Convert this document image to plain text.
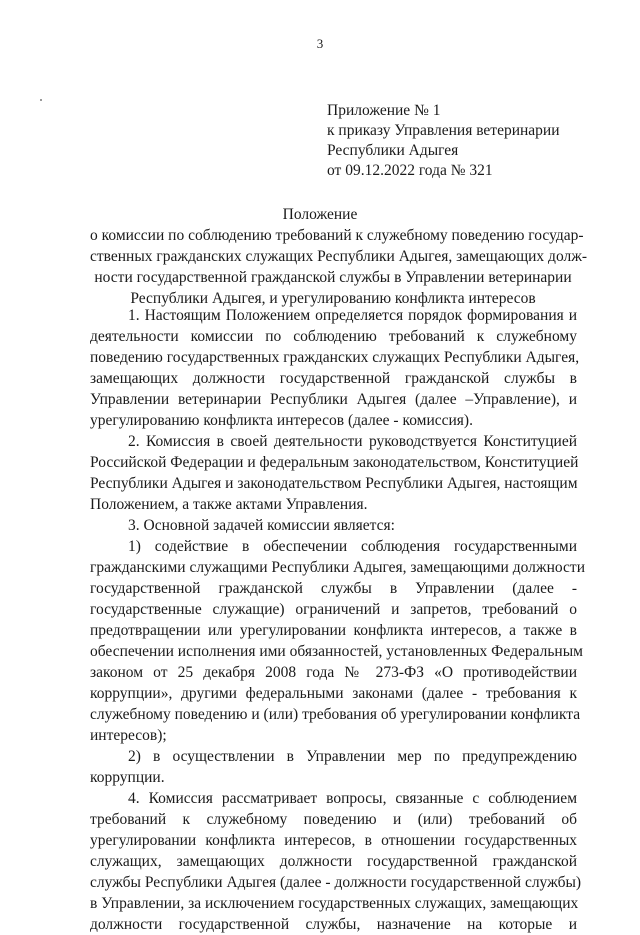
3
Приложение № 1
к приказу Управления ветеринарии
Республики Адыгея
от 09.12.2022 года № 321
Положение
о комиссии по соблюдению требований к служебному поведению государ-
ственных гражданских служащих Республики Адыгея, замещающих долж-
ности государственной гражданской службы в Управлении ветеринарии
Республики Адыгея, и урегулированию конфликта интересов
1. Настоящим Положением определяется порядок формирования и
деятельности комиссии по соблюдению требований к служебному
поведению государственных гражданских служащих Республики Адыгея,
замещающих должности государственной гражданской службы в
Управлении ветеринарии Республики Адыгея (далее –Управление), и
урегулированию конфликта интересов (далее - комиссия).
2. Комиссия в своей деятельности руководствуется Конституцией
Российской Федерации и федеральным законодательством, Конституцией
Республики Адыгея и законодательством Республики Адыгея, настоящим
Положением, а также актами Управления.
3. Основной задачей комиссии является:
1) содействие в обеспечении соблюдения государственными
гражданскими служащими Республики Адыгея, замещающими должности
государственной гражданской службы в Управлении (далее -
государственные служащие) ограничений и запретов, требований о
предотвращении или урегулировании конфликта интересов, а также в
обеспечении исполнения ими обязанностей, установленных Федеральным
законом от 25 декабря 2008 года № 273-ФЗ «О противодействии
коррупции», другими федеральными законами (далее - требования к
служебному поведению и (или) требования об урегулировании конфликта
интересов);
2) в осуществлении в Управлении мер по предупреждению
коррупции.
4. Комиссия рассматривает вопросы, связанные с соблюдением
требований к служебному поведению и (или) требований об
урегулировании конфликта интересов, в отношении государственных
служащих, замещающих должности государственной гражданской
службы Республики Адыгея (далее - должности государственной службы)
в Управлении, за исключением государственных служащих, замещающих
должности государственной службы, назначение на которые и
